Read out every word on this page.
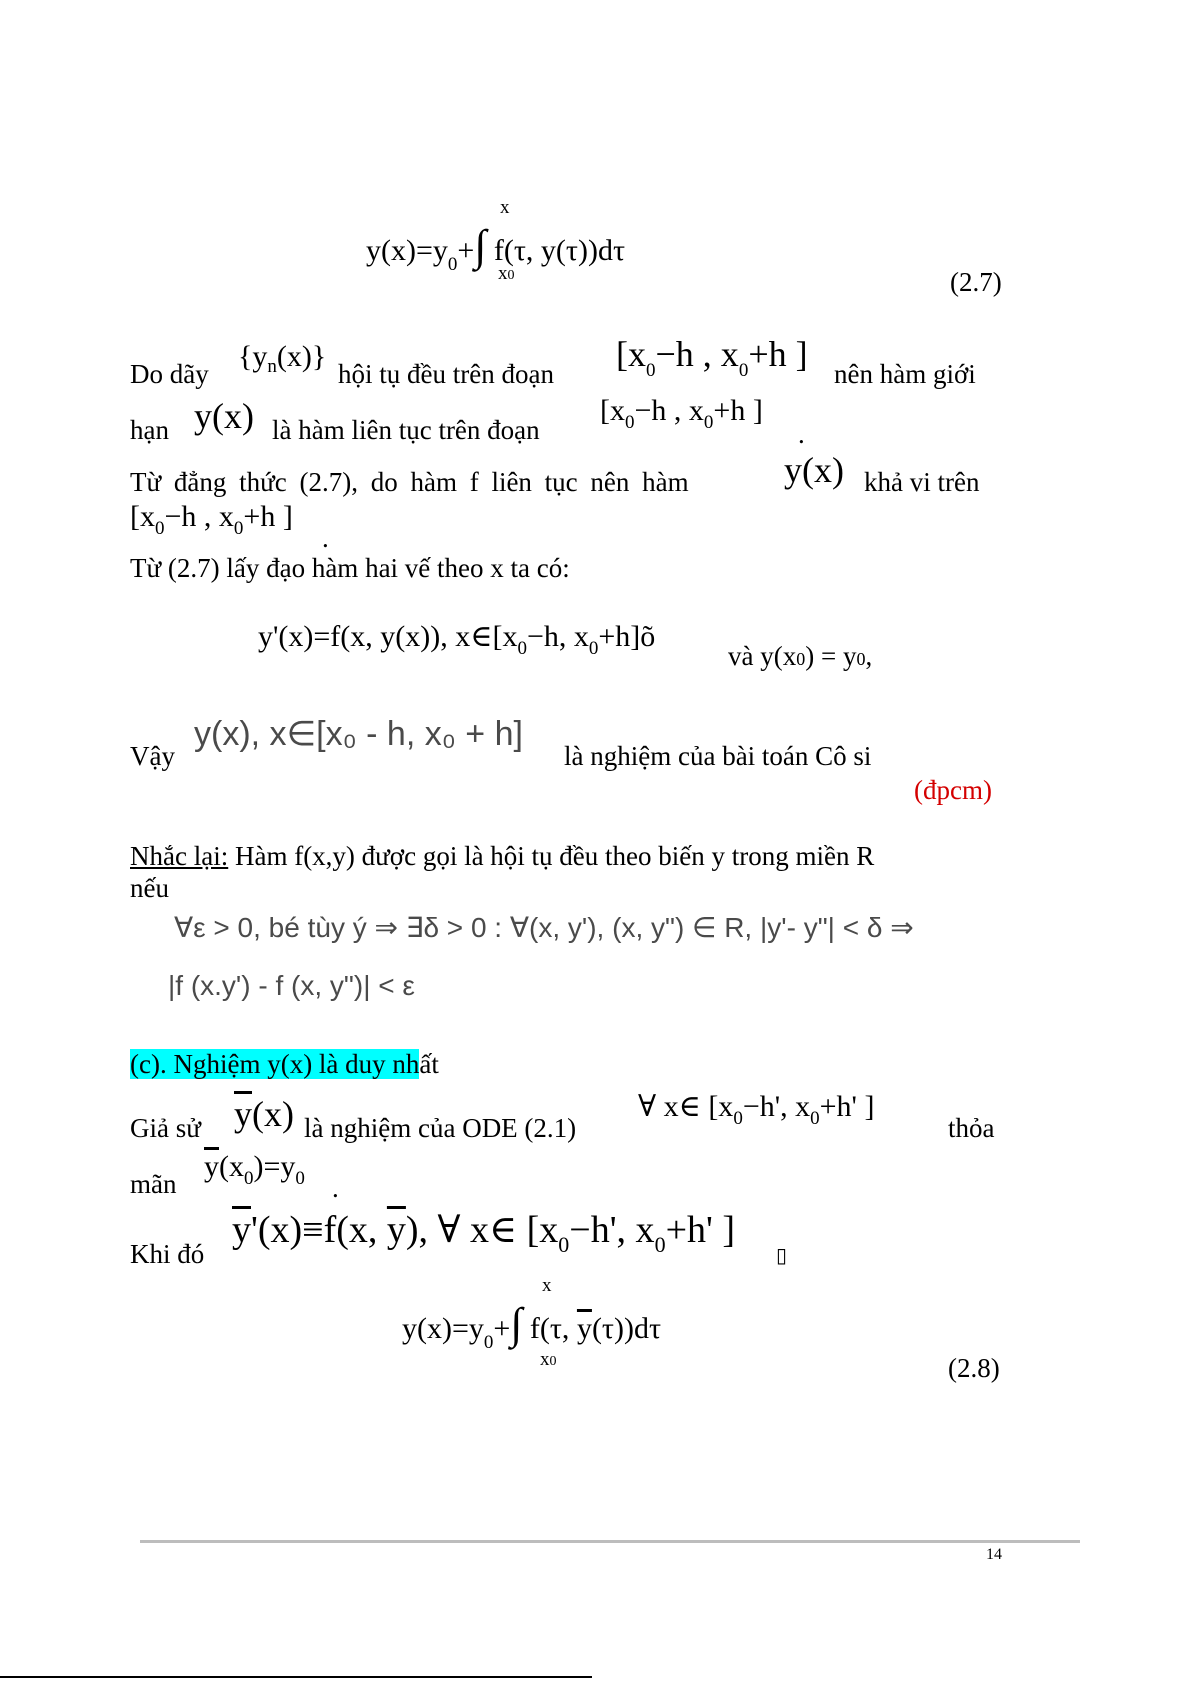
$y(x)=y_0+\int$ f(τ, y(τ))dτ
x
x0	(2.7)
Do dãy
$\{y_n(x)\}$
hội tụ đều trên đoạn [$x_0-h$ , $x_0+h$ ] nên hàm giới
hạn y(x) là hàm liên tục trên đoạn
[$x_0-h$ , $x_0+h$ ]
.
Từ đẳng thức (2.7), do hàm f liên tục nên hàm	y(x) khả vi trên
[$x_0-h$ , $x_0+h$ ]
.
Từ (2.7) lấy đạo hàm hai vế theo x ta có:
y'(x)=f(x, y(x)), $x\in[x_0-h$, $x_0+h]õ$
và y(x0) = y0,
Vậy
y(x), x∈[x₀ - h, x₀ + h]
là nghiệm của bài toán Cô si
(đpcm)
Nhắc lại: Hàm f(x,y) được gọi là hội tụ đều theo biến y trong miền R
nếu
∀ε > 0, bé tùy ý ⇒ ∃δ > 0 : ∀(x, y'), (x, y") ∈ R, |y'- y"| < δ ⇒
|f (x.y') - f (x, y")| < ε
(c). Nghiệm y(x) là duy nhất
Giả sử $\overline{y}(x)$ là nghiệm của ODE (2.1)
∀ x∈ [$x_0-h'$, $x_0+h'$ ]
thỏa
mãn
$\overline{y}(x_0)=y_0$ .
Khi đó
$\overline{y}'(x)\equiv f(x$, $\overline{y}$), ∀ x∈ [$x_0-h'$, $x_0+h'$ ]
▯
$y(x)=y_0+\int$ f(τ, $\overline{y}(\tau))d\tau$
x
x0	(2.8)
14
